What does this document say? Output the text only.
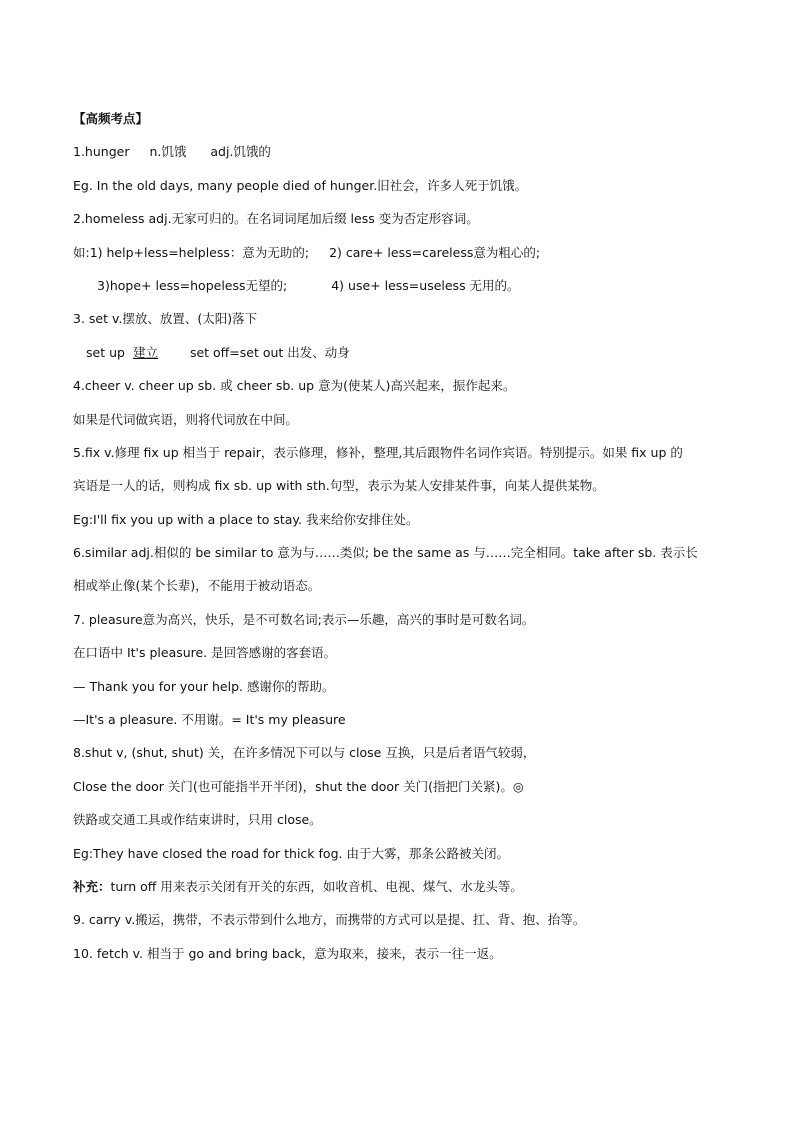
【高频考点】
1.hunger n.饥饿 adj.饥饿的
Eg. In the old days, many people died of hunger.旧社会，许多人死于饥饿。
2.homeless adj.无家可归的。在名词词尾加后缀 less 变为否定形容词。
如:1) help+less=helpless：意为无助的; 2) care+ less=careless意为粗心的;
3)hope+ less=hopeless无望的;	4) use+ less=useless 无用的。
3. set v.摆放、放置、(太阳)落下
set up 建立	set off=set out 出发、动身
4.cheer v. cheer up sb. 或 cheer sb. up 意为(使某人)高兴起来，振作起来。
如果是代词做宾语，则将代词放在中间。
5.fix v.修理 fix up 相当于 repair，表示修理，修补，整理,其后跟物件名词作宾语。特别提示。如果 fix up 的
宾语是一人的话，则构成 fix sb. up with sth.句型，表示为某人安排某件事，向某人提供某物。
Eg:I'll fix you up with a place to stay. 我来给你安排住处。
6.similar adj.相似的 be similar to 意为与……类似; be the same as 与……完全相同。take after sb. 表示长
相或举止像(某个长辈)，不能用于被动语态。
7. pleasure意为高兴，快乐，是不可数名词;表示—乐趣，高兴的事时是可数名词。
在口语中 It's pleasure. 是回答感谢的客套语。
— Thank you for your help. 感谢你的帮助。
—It's a pleasure. 不用谢。= It's my pleasure
8.shut v, (shut, shut) 关，在许多情况下可以与 close 互换，只是后者语气较弱，
Close the door 关门(也可能指半开半闭)，shut the door 关门(指把门关紧)。◎
铁路或交通工具或作结束讲时，只用 close。
Eg:They have closed the road for thick fog. 由于大雾，那条公路被关闭。
补充：turn off 用来表示关闭有开关的东西，如收音机、电视、煤气、水龙头等。
9. carry v.搬运，携带，不表示带到什么地方，而携带的方式可以是提、扛、背、抱、抬等。
10. fetch v. 相当于 go and bring back，意为取来，接来，表示一往一返。
